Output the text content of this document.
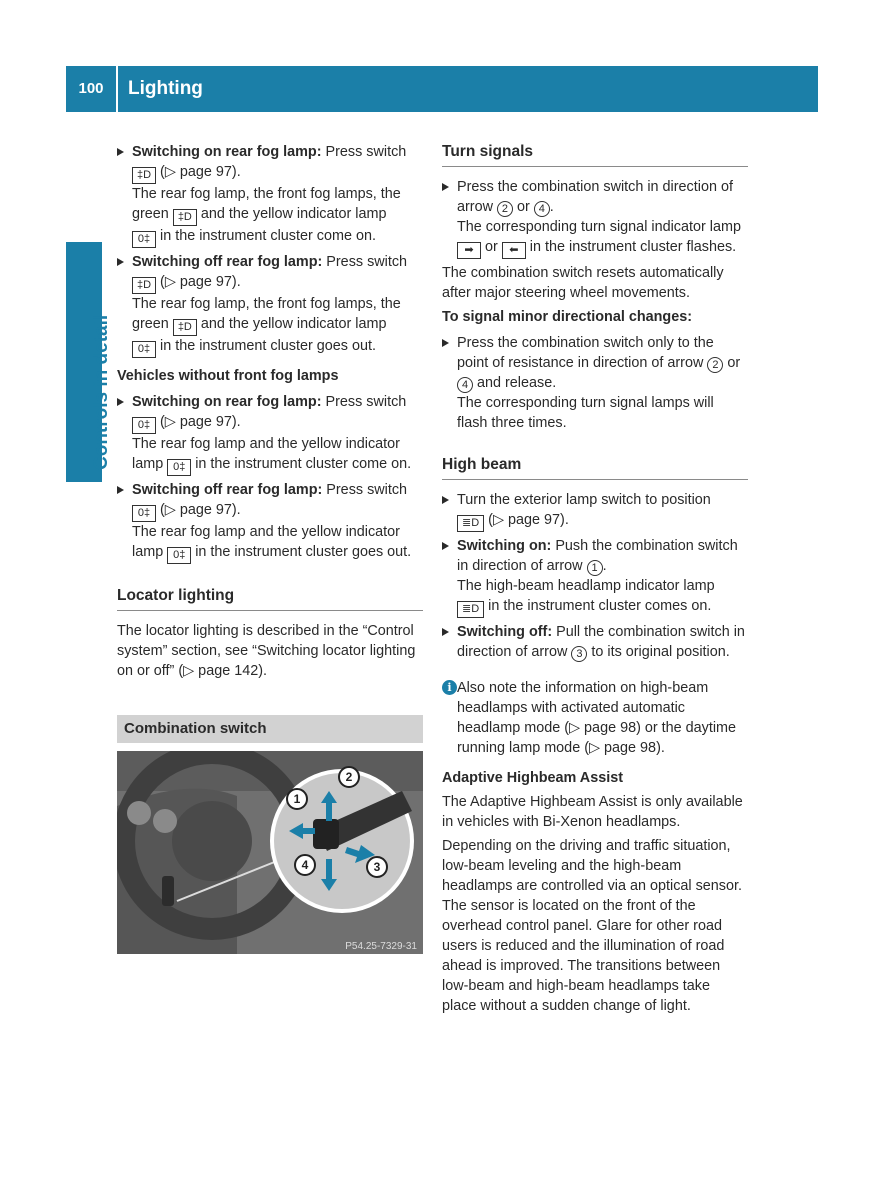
100	Lighting
Controls in detail
Switching on rear fog lamp: Press switch
‡D (▷ page 97).
The rear fog lamp, the front fog lamps, the green ‡D and the yellow indicator lamp
0‡ in the instrument cluster come on.
Switching off rear fog lamp: Press switch
‡D (▷ page 97).
The rear fog lamp, the front fog lamps, the green ‡D and the yellow indicator lamp
0‡ in the instrument cluster goes out.
Vehicles without front fog lamps
Switching on rear fog lamp: Press switch
0‡ (▷ page 97).
The rear fog lamp and the yellow indicator lamp 0‡ in the instrument cluster come on.
Switching off rear fog lamp: Press switch
0‡ (▷ page 97).
The rear fog lamp and the yellow indicator lamp 0‡ in the instrument cluster goes out.
Locator lighting
The locator lighting is described in the “Control system” section, see “Switching locator lighting on or off” (▷ page 142).
Combination switch
1
2
3
4
P54.25-7329-31
Turn signals
Press the combination switch in direction of arrow 2 or 4 .
The corresponding turn signal indicator lamp ➡ or ⬅ in the instrument cluster flashes.
The combination switch resets automatically after major steering wheel movements.
To signal minor directional changes:
Press the combination switch only to the point of resistance in direction of arrow 2 or 4 and release.
The corresponding turn signal lamps will flash three times.
High beam
Turn the exterior lamp switch to position
≣D (▷ page 97).
Switching on: Push the combination switch in direction of arrow 1 .
The high-beam headlamp indicator lamp
≣D in the instrument cluster comes on.
Switching off: Pull the combination switch in direction of arrow 3 to its original position.
i Also note the information on high-beam headlamps with activated automatic headlamp mode (▷ page 98) or the daytime running lamp mode (▷ page 98).
Adaptive Highbeam Assist
The Adaptive Highbeam Assist is only available in vehicles with Bi-Xenon headlamps.
Depending on the driving and traffic situation, low-beam leveling and the high-beam headlamps are controlled via an optical sensor. The sensor is located on the front of the overhead control panel. Glare for other road users is reduced and the illumination of road ahead is improved. The transitions between low-beam and high-beam headlamps take place without a sudden change of light.
